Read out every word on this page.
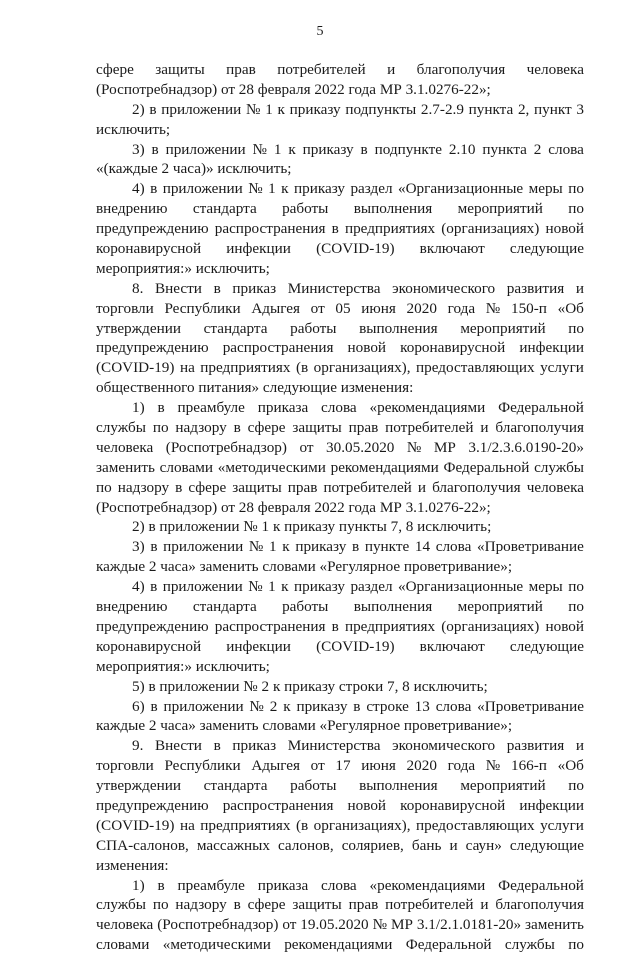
5
сфере защиты прав потребителей и благополучия человека
(Роспотребнадзор) от 28 февраля 2022 года МР 3.1.0276-22»;
2) в приложении № 1 к приказу подпункты 2.7-2.9 пункта 2, пункт 3
исключить;
3) в приложении № 1 к приказу в подпункте 2.10 пункта 2 слова
«(каждые 2 часа)» исключить;
4) в приложении № 1 к приказу раздел «Организационные меры по
внедрению стандарта работы выполнения мероприятий по
предупреждению распространения в предприятиях (организациях) новой
коронавирусной инфекции (COVID-19) включают следующие
мероприятия:» исключить;
8. Внести в приказ Министерства экономического развития и
торговли Республики Адыгея от 05 июня 2020 года № 150-п «Об
утверждении стандарта работы выполнения мероприятий по
предупреждению распространения новой коронавирусной инфекции
(COVID-19) на предприятиях (в организациях), предоставляющих услуги
общественного питания» следующие изменения:
1) в преамбуле приказа слова «рекомендациями Федеральной
службы по надзору в сфере защиты прав потребителей и благополучия
человека (Роспотребнадзор) от 30.05.2020 № МР 3.1/2.3.6.0190-20»
заменить словами «методическими рекомендациями Федеральной службы
по надзору в сфере защиты прав потребителей и благополучия человека
(Роспотребнадзор) от 28 февраля 2022 года МР 3.1.0276-22»;
2) в приложении № 1 к приказу пункты 7, 8 исключить;
3) в приложении № 1 к приказу в пункте 14 слова «Проветривание
каждые 2 часа» заменить словами «Регулярное проветривание»;
4) в приложении № 1 к приказу раздел «Организационные меры по
внедрению стандарта работы выполнения мероприятий по
предупреждению распространения в предприятиях (организациях) новой
коронавирусной инфекции (COVID-19) включают следующие
мероприятия:» исключить;
5) в приложении № 2 к приказу строки 7, 8 исключить;
6) в приложении № 2 к приказу в строке 13 слова «Проветривание
каждые 2 часа» заменить словами «Регулярное проветривание»;
9. Внести в приказ Министерства экономического развития и
торговли Республики Адыгея от 17 июня 2020 года № 166-п «Об
утверждении стандарта работы выполнения мероприятий по
предупреждению распространения новой коронавирусной инфекции
(COVID-19) на предприятиях (в организациях), предоставляющих услуги
СПА-салонов, массажных салонов, соляриев, бань и саун» следующие
изменения:
1) в преамбуле приказа слова «рекомендациями Федеральной
службы по надзору в сфере защиты прав потребителей и благополучия
человека (Роспотребнадзор) от 19.05.2020 № МР 3.1/2.1.0181-20» заменить
словами «методическими рекомендациями Федеральной службы по
